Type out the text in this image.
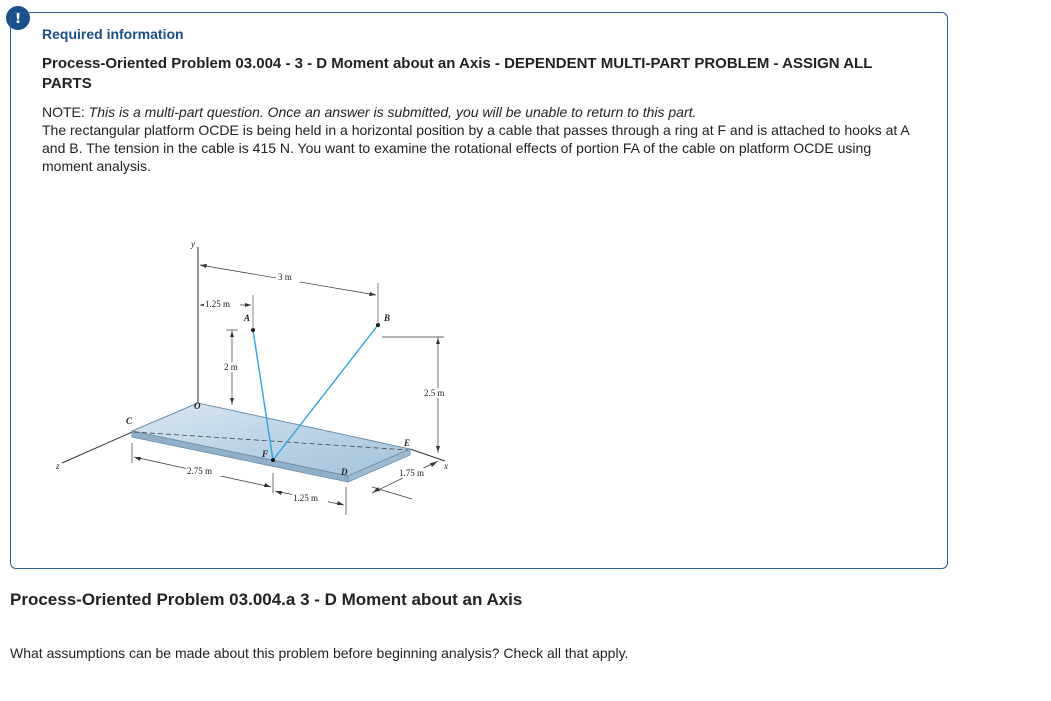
!
Required information
Process-Oriented Problem 03.004 - 3 - D Moment about an Axis - DEPENDENT MULTI-PART PROBLEM - ASSIGN ALL PARTS

NOTE: This is a multi-part question. Once an answer is submitted, you will be unable to return to this part.
The rectangular platform OCDE is being held in a horizontal position by a cable that passes through a ring at F and is attached to hooks at A and B. The tension in the cable is 415 N. You want to examine the rotational effects of portion FA of the cable on platform OCDE using moment analysis.

3 m
1.25 m
2 m
2.5 m
2.75 m
1.25 m
1.75 m
y
z	x
O
A	B
C
D
E
F
Process-Oriented Problem 03.004.a 3 - D Moment about an Axis

What assumptions can be made about this problem before beginning analysis? Check all that apply.
